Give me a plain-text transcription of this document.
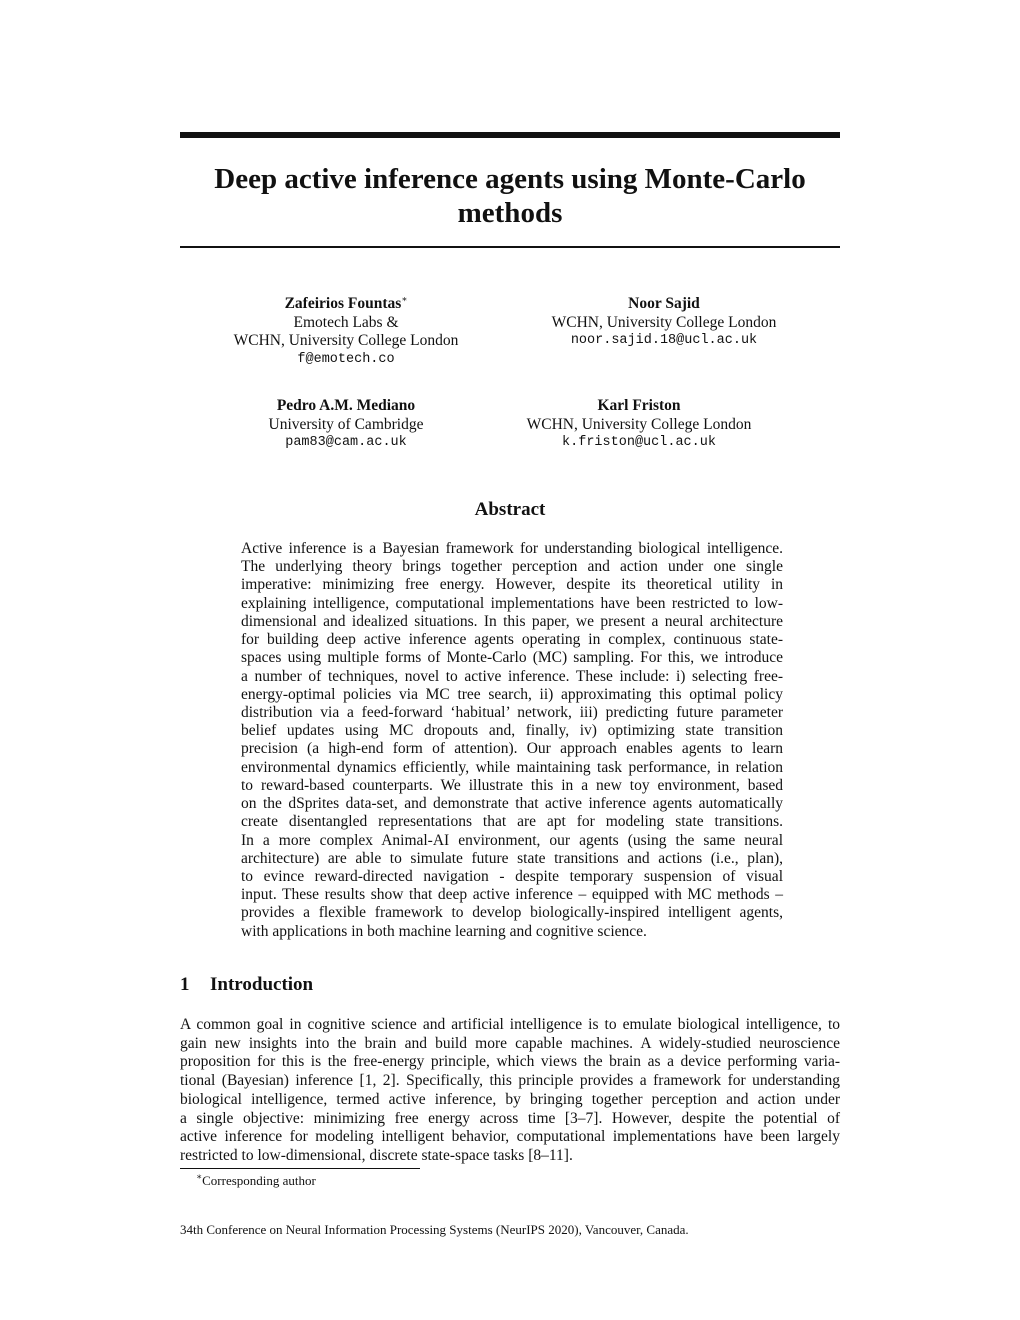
Deep active inference agents using Monte-Carlo
methods
Zafeirios Fountas∗
Emotech Labs &
WCHN, University College London
f@emotech.co
Noor Sajid
WCHN, University College London
noor.sajid.18@ucl.ac.uk
Pedro A.M. Mediano
University of Cambridge
pam83@cam.ac.uk
Karl Friston
WCHN, University College London
k.friston@ucl.ac.uk
Abstract
Active inference is a Bayesian framework for understanding biological intelligence.
The underlying theory brings together perception and action under one single
imperative: minimizing free energy. However, despite its theoretical utility in
explaining intelligence, computational implementations have been restricted to low-
dimensional and idealized situations. In this paper, we present a neural architecture
for building deep active inference agents operating in complex, continuous state-
spaces using multiple forms of Monte-Carlo (MC) sampling. For this, we introduce
a number of techniques, novel to active inference. These include: i) selecting free-
energy-optimal policies via MC tree search, ii) approximating this optimal policy
distribution via a feed-forward ‘habitual’ network, iii) predicting future parameter
belief updates using MC dropouts and, finally, iv) optimizing state transition
precision (a high-end form of attention). Our approach enables agents to learn
environmental dynamics efficiently, while maintaining task performance, in relation
to reward-based counterparts. We illustrate this in a new toy environment, based
on the dSprites data-set, and demonstrate that active inference agents automatically
create disentangled representations that are apt for modeling state transitions.
In a more complex Animal-AI environment, our agents (using the same neural
architecture) are able to simulate future state transitions and actions (i.e., plan),
to evince reward-directed navigation - despite temporary suspension of visual
input. These results show that deep active inference – equipped with MC methods –
provides a flexible framework to develop biologically-inspired intelligent agents,
with applications in both machine learning and cognitive science.
1 Introduction
A common goal in cognitive science and artificial intelligence is to emulate biological intelligence, to
gain new insights into the brain and build more capable machines. A widely-studied neuroscience
proposition for this is the free-energy principle, which views the brain as a device performing varia-
tional (Bayesian) inference [1, 2]. Specifically, this principle provides a framework for understanding
biological intelligence, termed active inference, by bringing together perception and action under
a single objective: minimizing free energy across time [3–7]. However, despite the potential of
active inference for modeling intelligent behavior, computational implementations have been largely
restricted to low-dimensional, discrete state-space tasks [8–11].
∗Corresponding author
34th Conference on Neural Information Processing Systems (NeurIPS 2020), Vancouver, Canada.
